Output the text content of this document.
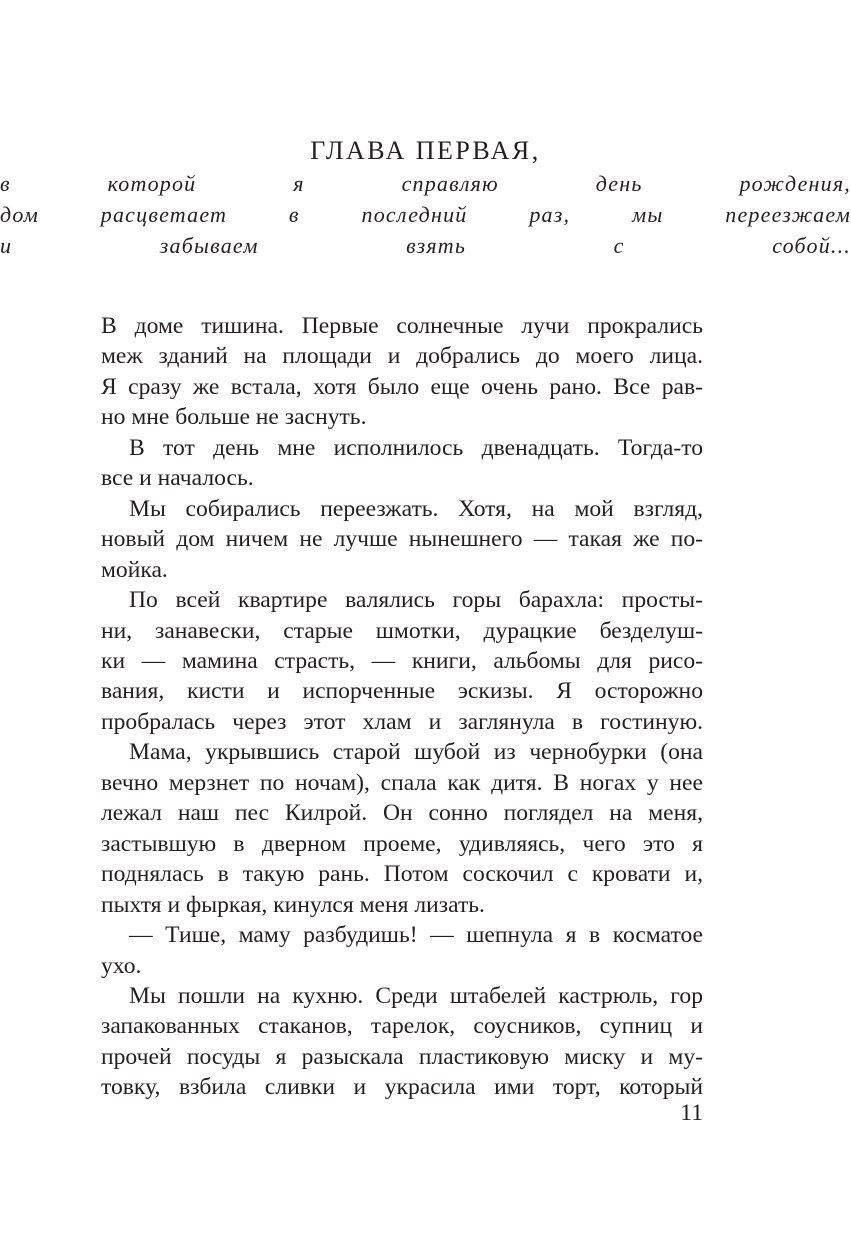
ГЛАВА ПЕРВАЯ,
в которой я справляю день рождения,
дом расцветает в последний раз, мы переезжаем
и забываем взять с собой...

В доме тишина. Первые солнечные лучи прокрались
меж зданий на площади и добрались до моего лица.
Я сразу же встала, хотя было еще очень рано. Все рав-
но мне больше не заснуть.

В тот день мне исполнилось двенадцать. Тогда-то
все и началось.

Мы собирались переезжать. Хотя, на мой взгляд,
новый дом ничем не лучше нынешнего — такая же по-
мойка.

По всей квартире валялись горы барахла: просты-
ни, занавески, старые шмотки, дурацкие безделуш-
ки — мамина страсть, — книги, альбомы для рисо-
вания, кисти и испорченные эскизы. Я осторожно
пробралась через этот хлам и заглянула в гостиную.

Мама, укрывшись старой шубой из чернобурки (она
вечно мерзнет по ночам), спала как дитя. В ногах у нее
лежал наш пес Килрой. Он сонно поглядел на меня,
застывшую в дверном проеме, удивляясь, чего это я
поднялась в такую рань. Потом соскочил с кровати и,
пыхтя и фыркая, кинулся меня лизать.

— Тише, маму разбудишь! — шепнула я в косматое
ухо.

Мы пошли на кухню. Среди штабелей кастрюль, гор
запакованных стаканов, тарелок, соусников, супниц и
прочей посуды я разыскала пластиковую миску и му-
товку, взбила сливки и украсила ими торт, который

11
